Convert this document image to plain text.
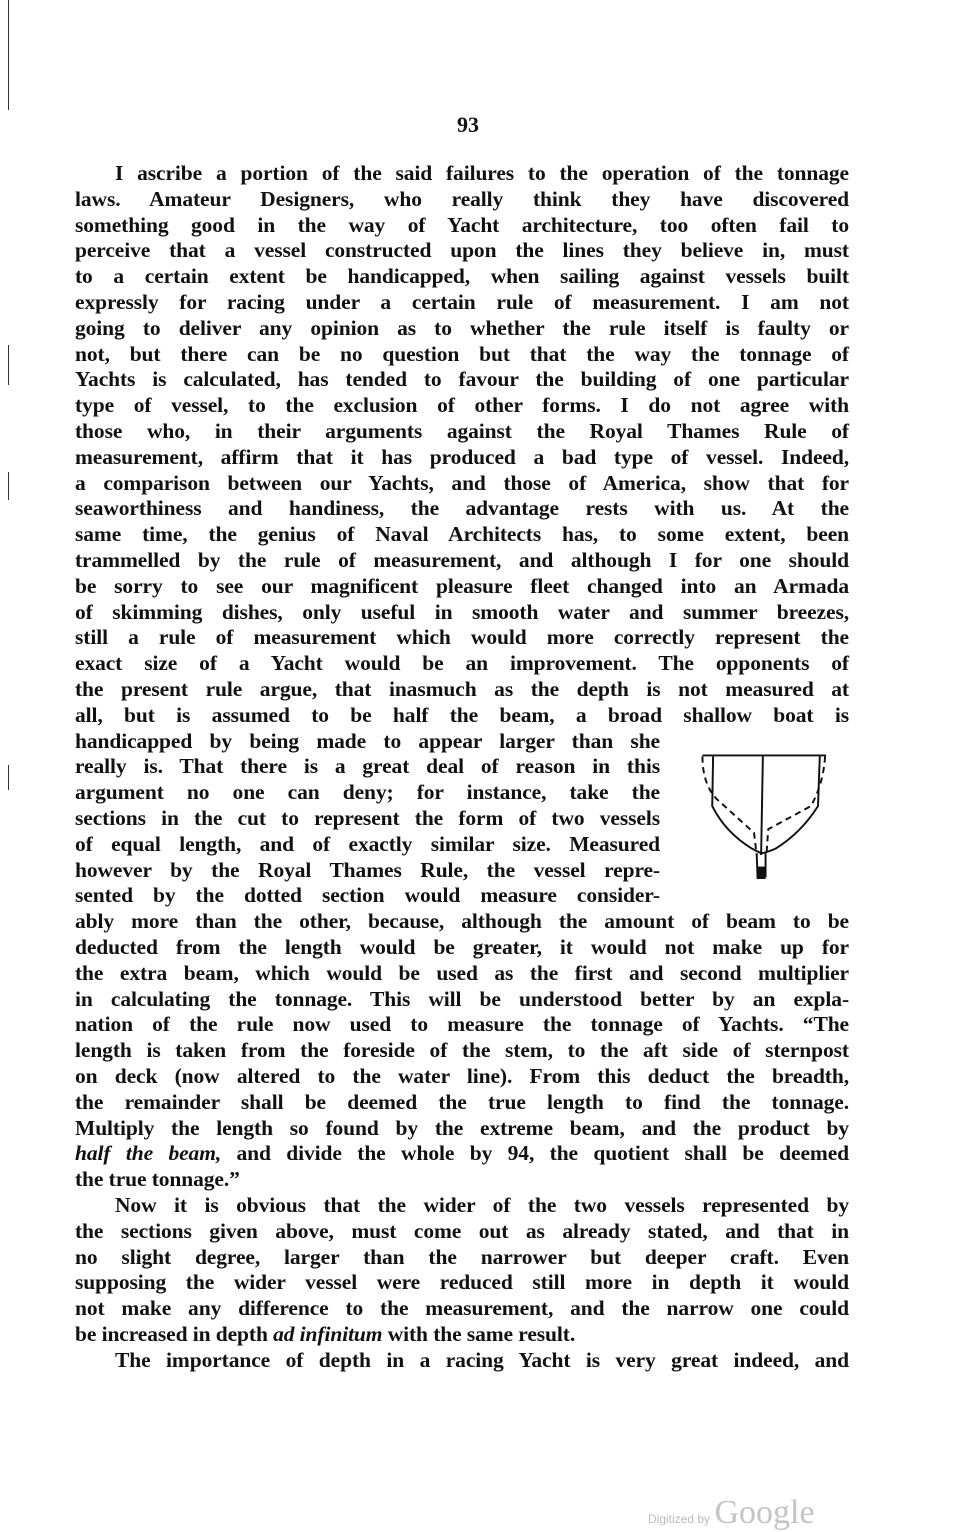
93
I ascribe a portion of the said failures to the operation of the tonnage
laws. Amateur Designers, who really think they have discovered
something good in the way of Yacht architecture, too often fail to
perceive that a vessel constructed upon the lines they believe in, must
to a certain extent be handicapped, when sailing against vessels built
expressly for racing under a certain rule of measurement. I am not
going to deliver any opinion as to whether the rule itself is faulty or
not, but there can be no question but that the way the tonnage of
Yachts is calculated, has tended to favour the building of one particular
type of vessel, to the exclusion of other forms. I do not agree with
those who, in their arguments against the Royal Thames Rule of
measurement, affirm that it has produced a bad type of vessel. Indeed,
a comparison between our Yachts, and those of America, show that for
seaworthiness and handiness, the advantage rests with us. At the
same time, the genius of Naval Architects has, to some extent, been
trammelled by the rule of measurement, and although I for one should
be sorry to see our magnificent pleasure fleet changed into an Armada
of skimming dishes, only useful in smooth water and summer breezes,
still a rule of measurement which would more correctly represent the
exact size of a Yacht would be an improvement. The opponents of
the present rule argue, that inasmuch as the depth is not measured at
all, but is assumed to be half the beam, a broad shallow boat is
handicapped by being made to appear larger than she
really is. That there is a great deal of reason in this
argument no one can deny; for instance, take the
sections in the cut to represent the form of two vessels
of equal length, and of exactly similar size. Measured
however by the Royal Thames Rule, the vessel repre-
sented by the dotted section would measure consider-
ably more than the other, because, although the amount of beam to be
deducted from the length would be greater, it would not make up for
the extra beam, which would be used as the first and second multiplier
in calculating the tonnage. This will be understood better by an expla-
nation of the rule now used to measure the tonnage of Yachts. “The
length is taken from the foreside of the stem, to the aft side of sternpost
on deck (now altered to the water line). From this deduct the breadth,
the remainder shall be deemed the true length to find the tonnage.
Multiply the length so found by the extreme beam, and the product by
half the beam, and divide the whole by 94, the quotient shall be deemed
the true tonnage.”
Now it is obvious that the wider of the two vessels represented by
the sections given above, must come out as already stated, and that in
no slight degree, larger than the narrower but deeper craft. Even
supposing the wider vessel were reduced still more in depth it would
not make any difference to the measurement, and the narrow one could
be increased in depth ad infinitum with the same result.
The importance of depth in a racing Yacht is very great indeed, and
Digitized by Google
